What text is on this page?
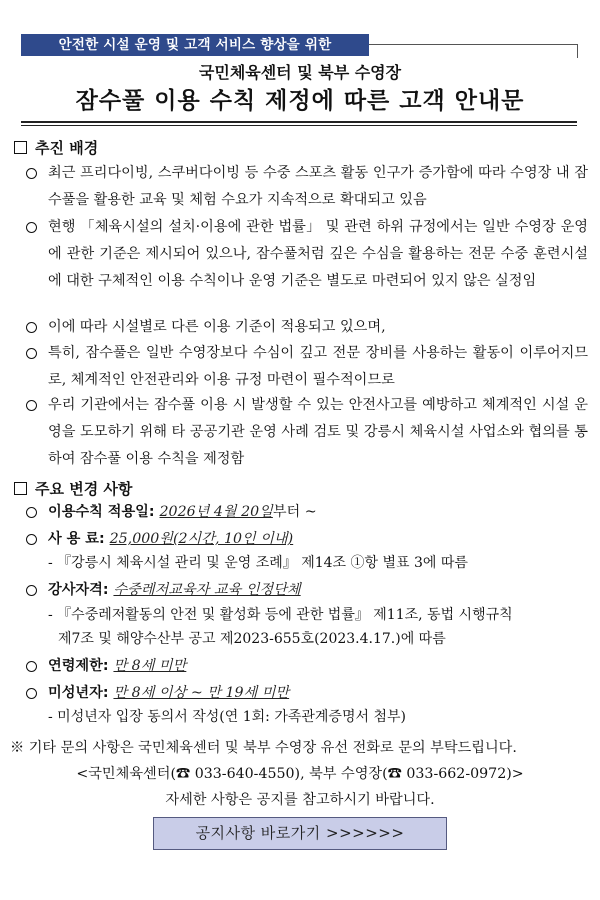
안전한 시설 운영 및 고객 서비스 향상을 위한
국민체육센터 및 북부 수영장
잠수풀 이용 수칙 제정에 따른 고객 안내문
추진 배경
최근 프리다이빙, 스쿠버다이빙 등 수중 스포츠 활동 인구가 증가함에 따라 수영장 내 잠수풀을 활용한 교육 및 체험 수요가 지속적으로 확대되고 있음
현행 「체육시설의 설치·이용에 관한 법률」 및 관련 하위 규정에서는 일반 수영장 운영에 관한 기준은 제시되어 있으나, 잠수풀처럼 깊은 수심을 활용하는 전문 수중 훈련시설에 대한 구체적인 이용 수칙이나 운영 기준은 별도로 마련되어 있지 않은 실정임
이에 따라 시설별로 다른 이용 기준이 적용되고 있으며,
특히, 잠수풀은 일반 수영장보다 수심이 깊고 전문 장비를 사용하는 활동이 이루어지므로, 체계적인 안전관리와 이용 규정 마련이 필수적이므로
우리 기관에서는 잠수풀 이용 시 발생할 수 있는 안전사고를 예방하고 체계적인 시설 운영을 도모하기 위해 타 공공기관 운영 사례 검토 및 강릉시 체육시설 사업소와 협의를 통하여 잠수풀 이용 수칙을 제정함
주요 변경 사항
이용수칙 적용일: 2026년 4월 20일부터 ~
사 용 료: 25,000원(2시간, 10인 이내)
- 『강릉시 체육시설 관리 및 운영 조례』 제14조 ①항 별표 3에 따름
강사자격: 수중레저교육자 교육 인정단체
- 『수중레저활동의 안전 및 활성화 등에 관한 법률』 제11조, 동법 시행규칙
제7조 및 해양수산부 공고 제2023-655호(2023.4.17.)에 따름
연령제한: 만 8세 미만
미성년자: 만 8세 이상 ~ 만 19세 미만
- 미성년자 입장 동의서 작성(연 1회: 가족관계증명서 첨부)
※ 기타 문의 사항은 국민체육센터 및 북부 수영장 유선 전화로 문의 부탁드립니다.
<국민체육센터(☎ 033-640-4550), 북부 수영장(☎ 033-662-0972)>
자세한 사항은 공지를 참고하시기 바랍니다.
공지사항 바로가기 >>>>>>
